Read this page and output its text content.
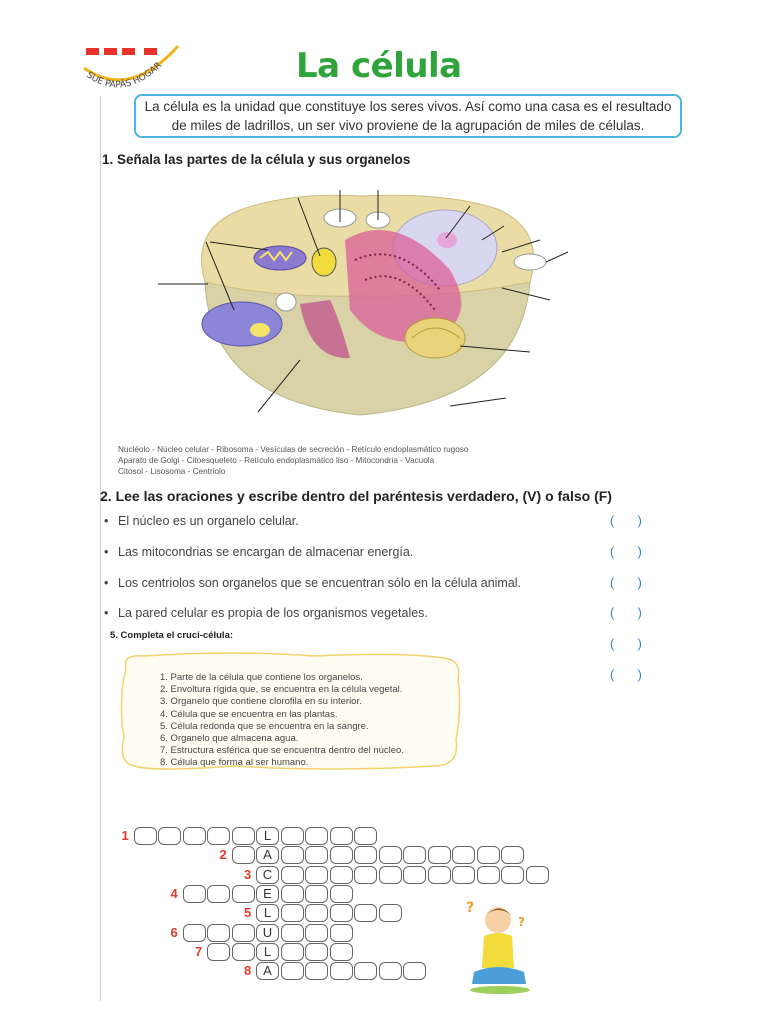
SUE PAPÁS HOGAR	La célula
La célula es la unidad que constituye los seres vivos. Así como una casa es el resultado de miles de ladrillos, un ser vivo proviene de la agrupación de miles de células.
1. Señala las partes de la célula y sus organelos
Nucléolo - Núcleo celular - Ribosoma - Vesículas de secreción - Retículo endoplasmático rugoso
Aparato de Golgi - Citoesqueleto - Retículo endoplasmático liso - Mitocondria - Vacuola
Citosol - Lisosoma - Centriolo
2. Lee las oraciones y escribe dentro del paréntesis verdadero, (V) o falso (F)
• El núcleo es un organelo celular.
• Las mitocondrias se encargan de almacenar energía.
• Los centriolos son organelos que se encuentran sólo en la célula animal.
• La pared celular es propia de los organismos vegetales.
( )
( )
( )
( )
( )
( )
5. Completa el cruci-célula:
1. Parte de la célula que contiene los organelos.
2. Envoltura rígida que, se encuentra en la célula vegetal.
3. Organelo que contiene clorofila en su interior.
4. Célula que se encuentra en las plantas.
5. Célula redonda que se encuentra en la sangre.
6. Organelo que almacena agua.
7. Estructura esférica que se encuentra dentro del núcleo.
8. Célula que forma al ser humano.
L
1
A
2
C
3
E
4
L
5
U
6
L
7
A
8
?
?
